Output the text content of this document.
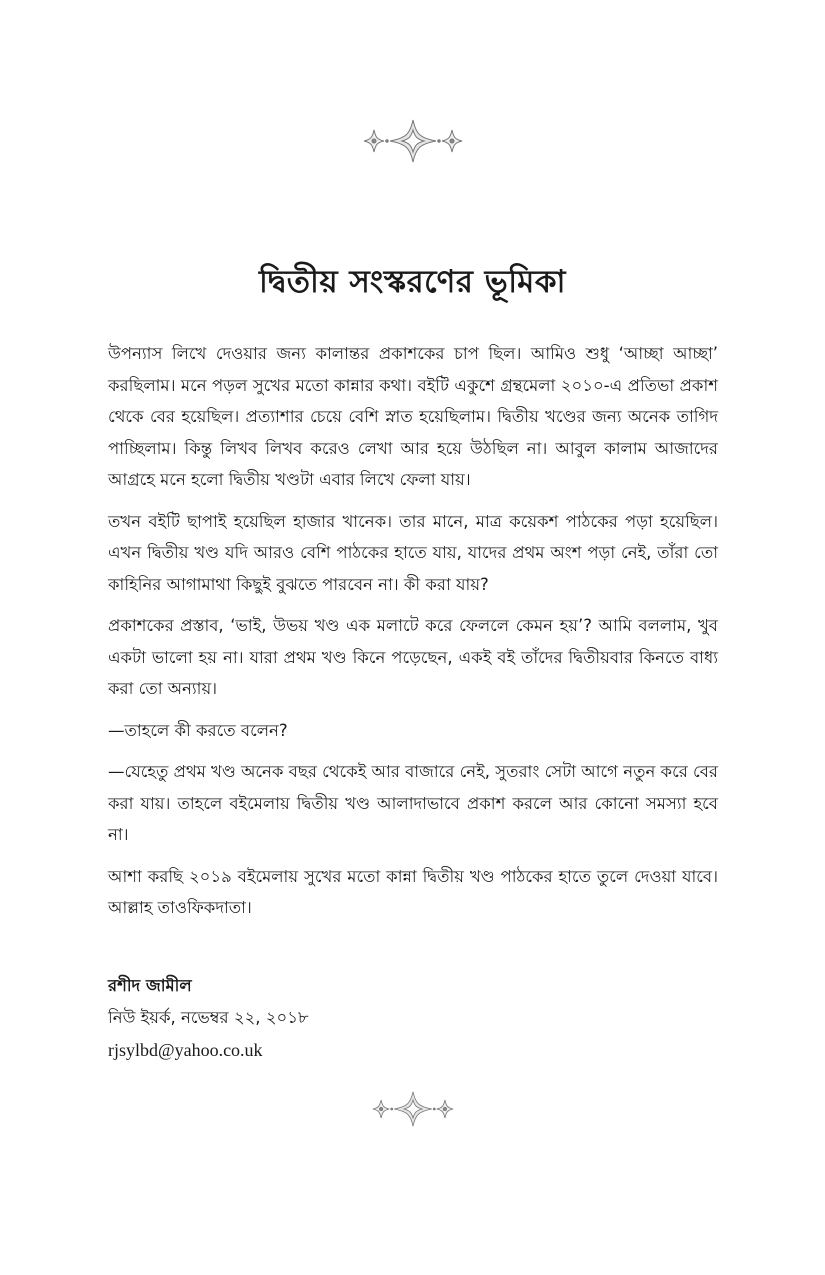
দ্বিতীয় সংস্করণের ভূমিকা

উপন্যাস লিখে দেওয়ার জন্য কালান্তর প্রকাশকের চাপ ছিল। আমিও শুধু ‘আচ্ছা আচ্ছা’ করছিলাম। মনে পড়ল সুখের মতো কান্নার কথা। বইটি একুশে গ্রন্থমেলা ২০১০-এ প্রতিভা প্রকাশ থেকে বের হয়েছিল। প্রত্যাশার চেয়ে বেশি স্নাত হয়েছিলাম। দ্বিতীয় খণ্ডের জন্য অনেক তাগিদ পাচ্ছিলাম। কিন্তু লিখব লিখব করেও লেখা আর হয়ে উঠছিল না। আবুল কালাম আজাদের আগ্রহে মনে হলো দ্বিতীয় খণ্ডটা এবার লিখে ফেলা যায়।

তখন বইটি ছাপাই হয়েছিল হাজার খানেক। তার মানে, মাত্র কয়েকশ পাঠকের পড়া হয়েছিল। এখন দ্বিতীয় খণ্ড যদি আরও বেশি পাঠকের হাতে যায়, যাদের প্রথম অংশ পড়া নেই, তাঁরা তো কাহিনির আগামাথা কিছুই বুঝতে পারবেন না। কী করা যায়?

প্রকাশকের প্রস্তাব, ‘ভাই, উভয় খণ্ড এক মলাটে করে ফেললে কেমন হয়’? আমি বললাম, খুব একটা ভালো হয় না। যারা প্রথম খণ্ড কিনে পড়েছেন, একই বই তাঁদের দ্বিতীয়বার কিনতে বাধ্য করা তো অন্যায়।

—তাহলে কী করতে বলেন?

—যেহেতু প্রথম খণ্ড অনেক বছর থেকেই আর বাজারে নেই, সুতরাং সেটা আগে নতুন করে বের করা যায়। তাহলে বইমেলায় দ্বিতীয় খণ্ড আলাদাভাবে প্রকাশ করলে আর কোনো সমস্যা হবে না।

আশা করছি ২০১৯ বইমেলায় সুখের মতো কান্না দ্বিতীয় খণ্ড পাঠকের হাতে তুলে দেওয়া যাবে। আল্লাহ তাওফিকদাতা।

রশীদ জামীল
নিউ ইয়র্ক, নভেম্বর ২২, ২০১৮
rjsylbd@yahoo.co.uk
